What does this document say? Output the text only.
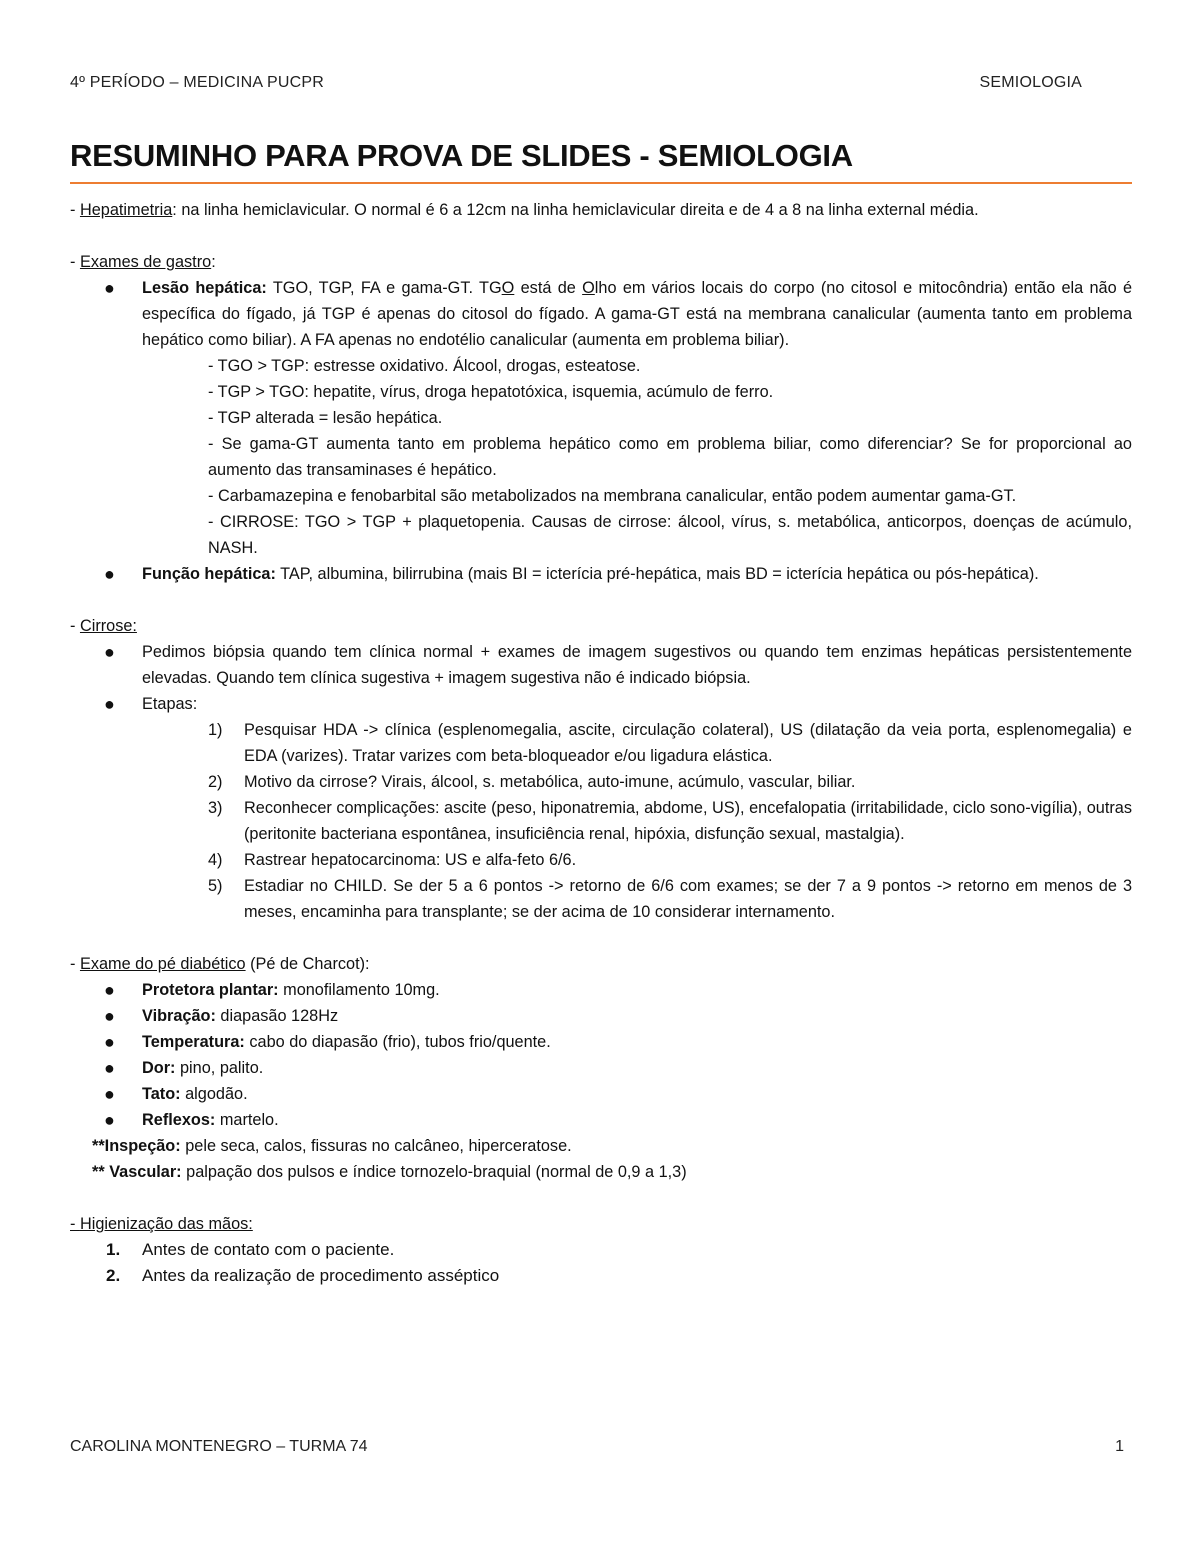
4º PERÍODO – MEDICINA PUCPR	SEMIOLOGIA
RESUMINHO PARA PROVA DE SLIDES - SEMIOLOGIA

- Hepatimetria: na linha hemiclavicular. O normal é 6 a 12cm na linha hemiclavicular direita e de 4 a 8 na linha external média.

- Exames de gastro:

● Lesão hepática: TGO, TGP, FA e gama-GT. TGO está de Olho em vários locais do corpo (no citosol e mitocôndria) então ela não é específica do fígado, já TGP é apenas do citosol do fígado. A gama-GT está na membrana canalicular (aumenta tanto em problema hepático como biliar). A FA apenas no endotélio canalicular (aumenta em problema biliar).

- TGO > TGP: estresse oxidativo. Álcool, drogas, esteatose.

- TGP > TGO: hepatite, vírus, droga hepatotóxica, isquemia, acúmulo de ferro.

- TGP alterada = lesão hepática.

- Se gama-GT aumenta tanto em problema hepático como em problema biliar, como diferenciar? Se for proporcional ao aumento das transaminases é hepático.

- Carbamazepina e fenobarbital são metabolizados na membrana canalicular, então podem aumentar gama-GT.

- CIRROSE: TGO > TGP + plaquetopenia. Causas de cirrose: álcool, vírus, s. metabólica, anticorpos, doenças de acúmulo, NASH.

● Função hepática: TAP, albumina, bilirrubina (mais BI = icterícia pré-hepática, mais BD = icterícia hepática ou pós-hepática).

- Cirrose:

● Pedimos biópsia quando tem clínica normal + exames de imagem sugestivos ou quando tem enzimas hepáticas persistentemente elevadas. Quando tem clínica sugestiva + imagem sugestiva não é indicado biópsia.
● Etapas:
1) Pesquisar HDA -> clínica (esplenomegalia, ascite, circulação colateral), US (dilatação da veia porta, esplenomegalia) e EDA (varizes). Tratar varizes com beta-bloqueador e/ou ligadura elástica.
2) Motivo da cirrose? Virais, álcool, s. metabólica, auto-imune, acúmulo, vascular, biliar.
3) Reconhecer complicações: ascite (peso, hiponatremia, abdome, US), encefalopatia (irritabilidade, ciclo sono-vigília), outras (peritonite bacteriana espontânea, insuficiência renal, hipóxia, disfunção sexual, mastalgia).
4) Rastrear hepatocarcinoma: US e alfa-feto 6/6.
5) Estadiar no CHILD. Se der 5 a 6 pontos -> retorno de 6/6 com exames; se der 7 a 9 pontos -> retorno em menos de 3 meses, encaminha para transplante; se der acima de 10 considerar internamento.

- Exame do pé diabético (Pé de Charcot):

● Protetora plantar: monofilamento 10mg.
● Vibração: diapasão 128Hz
● Temperatura: cabo do diapasão (frio), tubos frio/quente.
● Dor: pino, palito.
● Tato: algodão.
● Reflexos: martelo.

**Inspeção: pele seca, calos, fissuras no calcâneo, hiperceratose.

** Vascular: palpação dos pulsos e índice tornozelo-braquial (normal de 0,9 a 1,3)

- Higienização das mãos:

1. Antes de contato com o paciente.
2. Antes da realização de procedimento asséptico
CAROLINA MONTENEGRO – TURMA 74	1
